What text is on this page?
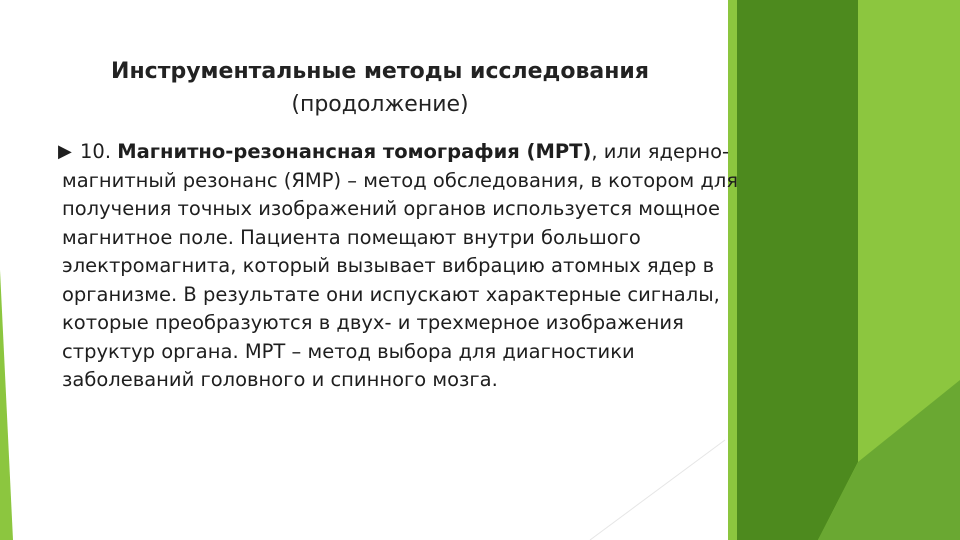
Инструментальные методы исследования
(продолжение)
▶ 10. Магнитно-резонансная томография (МРТ), или ядерно-магнитный резонанс (ЯМР) – метод обследования, в котором для получения точных изображений органов используется мощное магнитное поле. Пациента помещают внутри большого электромагнита, который вызывает вибрацию атомных ядер в организме. В результате они испускают характерные сигналы, которые преобразуются в двух- и трехмерное изображения структур органа. МРТ – метод выбора для диагностики заболеваний головного и спинного мозга.
